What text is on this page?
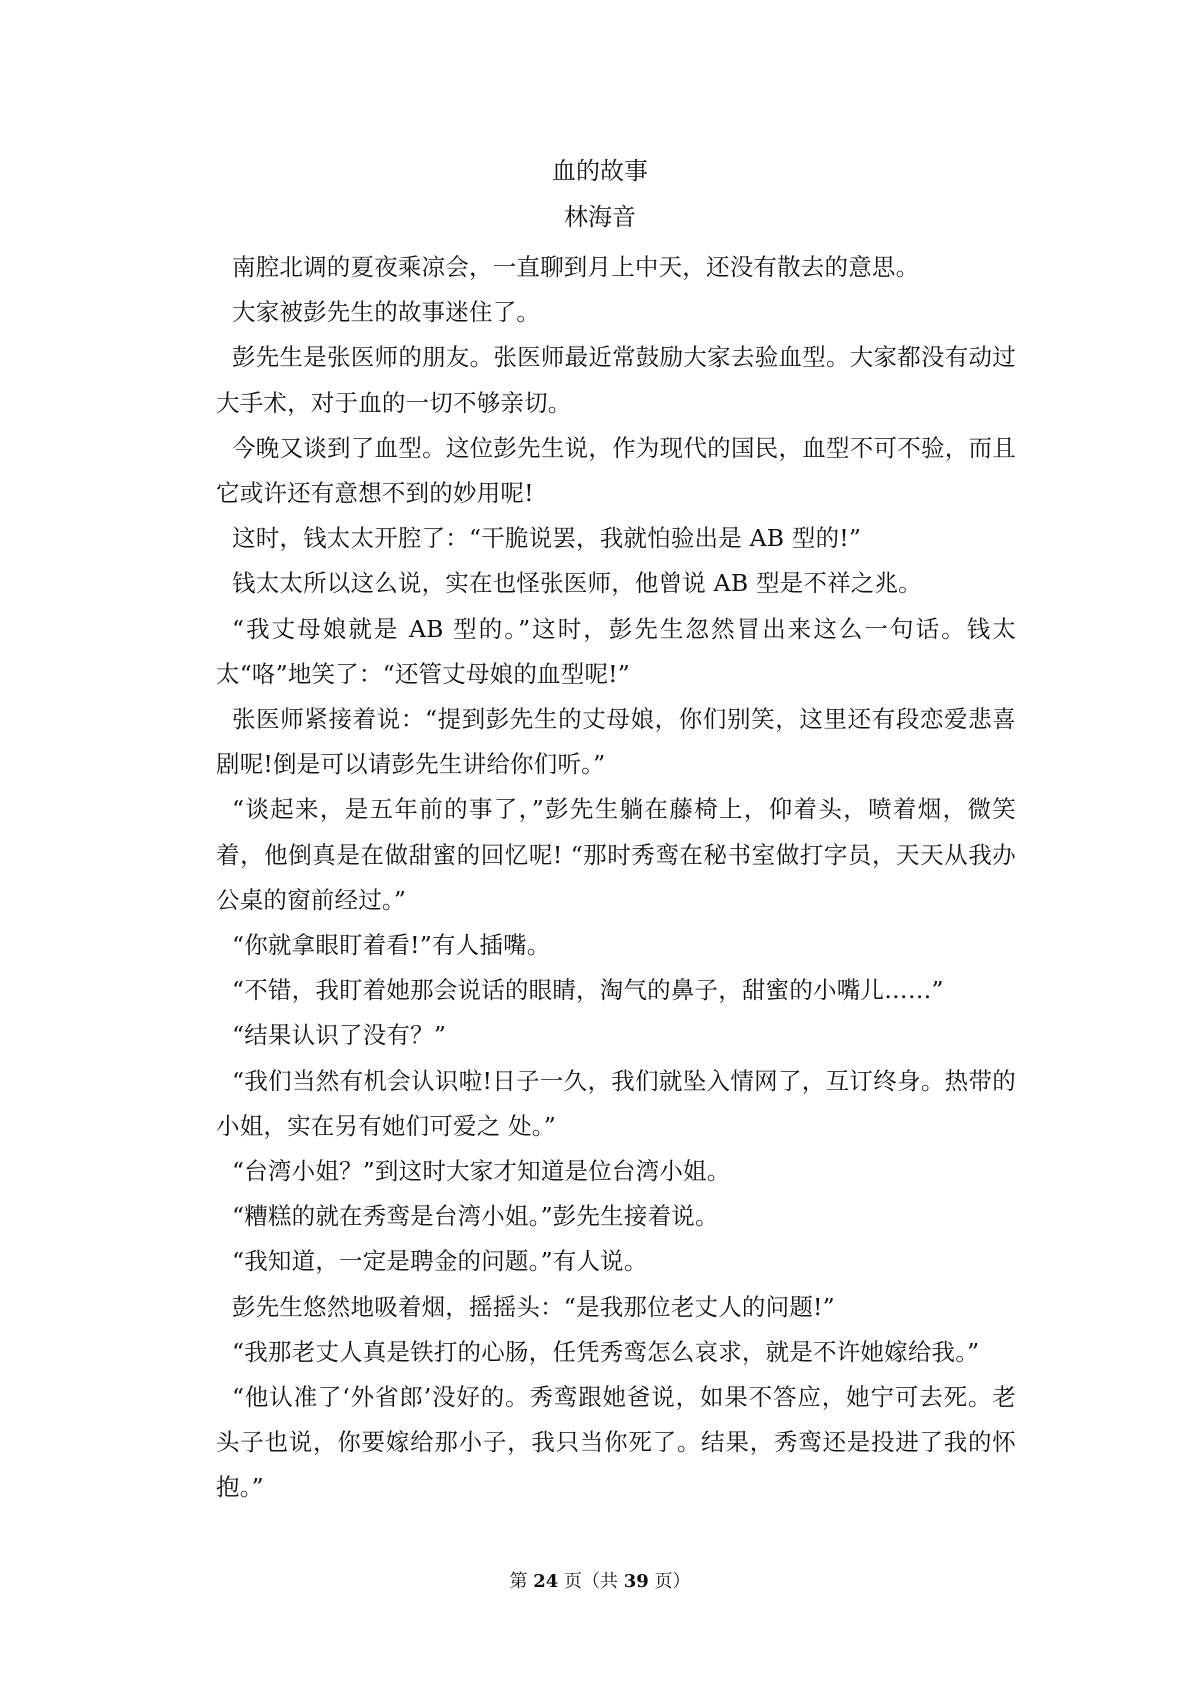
血的故事
林海音

南腔北调的夏夜乘凉会，一直聊到月上中天，还没有散去的意思。

大家被彭先生的故事迷住了。

彭先生是张医师的朋友。张医师最近常鼓励大家去验血型。大家都没有动过大手术，对于血的一切不够亲切。

今晚又谈到了血型。这位彭先生说，作为现代的国民，血型不可不验，而且它或许还有意想不到的妙用呢!

这时，钱太太开腔了：“干脆说罢，我就怕验出是 AB 型的!”

钱太太所以这么说，实在也怪张医师，他曾说 AB 型是不祥之兆。

“我丈母娘就是 AB 型的。”这时，彭先生忽然冒出来这么一句话。钱太太“咯”地笑了：“还管丈母娘的血型呢!”

张医师紧接着说：“提到彭先生的丈母娘，你们别笑，这里还有段恋爱悲喜剧呢!倒是可以请彭先生讲给你们听。”

“谈起来，是五年前的事了，”彭先生躺在藤椅上，仰着头，喷着烟，微笑着，他倒真是在做甜蜜的回忆呢! “那时秀鸾在秘书室做打字员，天天从我办公桌的窗前经过。”

“你就拿眼盯着看!”有人插嘴。

“不错，我盯着她那会说话的眼睛，淘气的鼻子，甜蜜的小嘴儿……”

“结果认识了没有？”

“我们当然有机会认识啦!日子一久，我们就坠入情网了，互订终身。热带的小姐，实在另有她们可爱之 处。”

“台湾小姐？”到这时大家才知道是位台湾小姐。

“糟糕的就在秀鸾是台湾小姐。”彭先生接着说。

“我知道，一定是聘金的问题。”有人说。

彭先生悠然地吸着烟，摇摇头：“是我那位老丈人的问题!”

“我那老丈人真是铁打的心肠，任凭秀鸾怎么哀求，就是不许她嫁给我。”

“他认准了‘外省郎’没好的。秀鸾跟她爸说，如果不答应，她宁可去死。老头子也说，你要嫁给那小子，我只当你死了。结果，秀鸾还是投进了我的怀抱。”

第 24 页（共 39 页）
